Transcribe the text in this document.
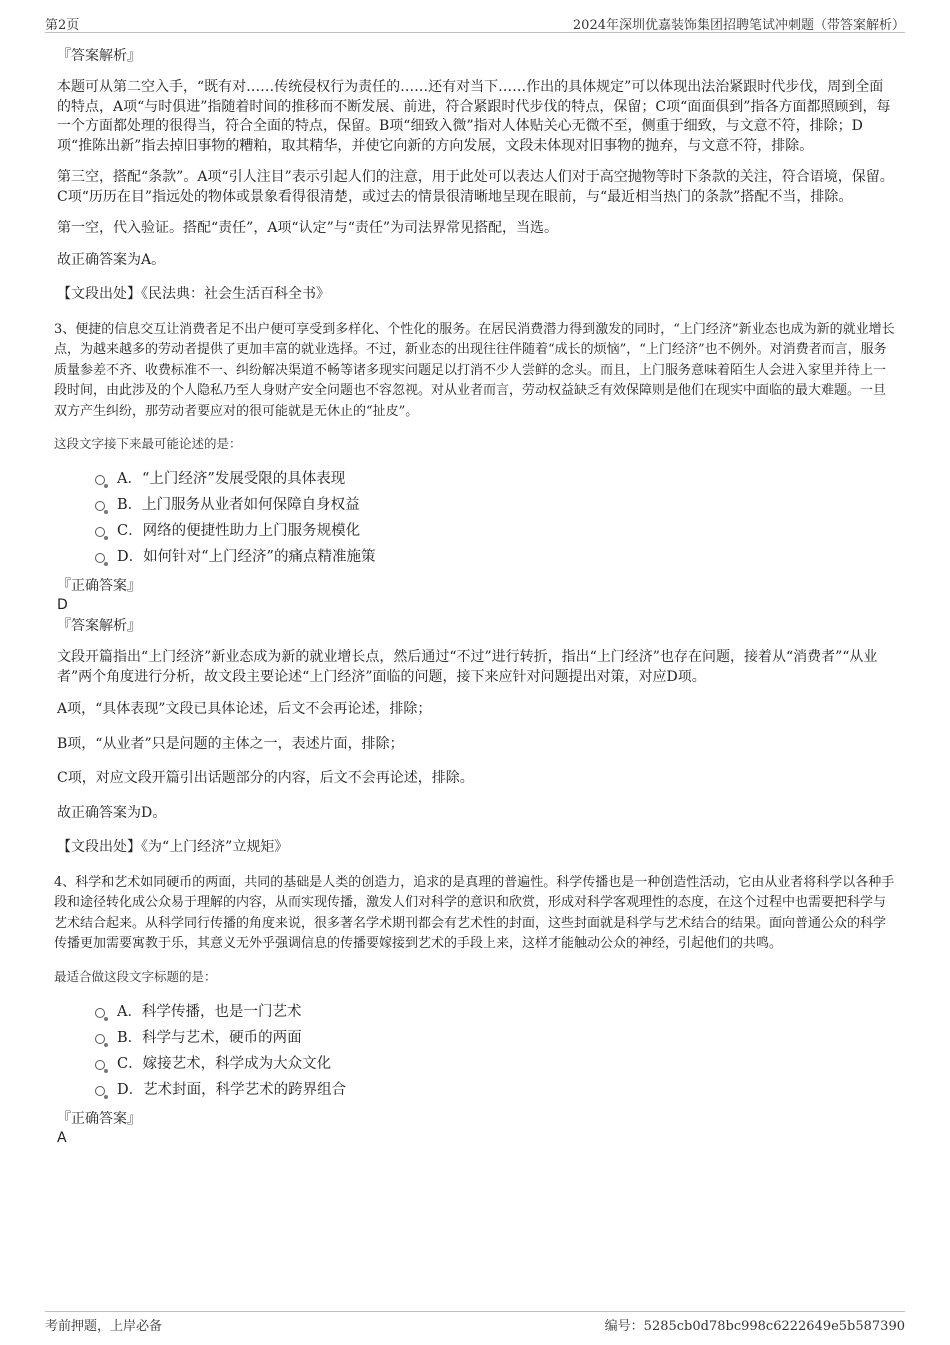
第2页	2024年深圳优嘉装饰集团招聘笔试冲刺题（带答案解析）

『答案解析』

本题可从第二空入手，“既有对……传统侵权行为责任的……还有对当下……作出的具体规定”可以体现出法治紧跟时代步伐，周到全面的特点，A项“与时俱进”指随着时间的推移而不断发展、前进，符合紧跟时代步伐的特点，保留；C项“面面俱到”指各方面都照顾到，每一个方面都处理的很得当，符合全面的特点，保留。B项“细致入微”指对人体贴关心无微不至，侧重于细致，与文意不符，排除；D项“推陈出新”指去掉旧事物的糟粕，取其精华，并使它向新的方向发展，文段未体现对旧事物的抛弃，与文意不符，排除。

第三空，搭配“条款”。A项“引人注目”表示引起人们的注意，用于此处可以表达人们对于高空抛物等时下条款的关注，符合语境，保留。C项“历历在目”指远处的物体或景象看得很清楚，或过去的情景很清晰地呈现在眼前，与“最近相当热门的条款”搭配不当，排除。

第一空，代入验证。搭配“责任”，A项“认定”与“责任”为司法界常见搭配，当选。

故正确答案为A。

【文段出处】《民法典：社会生活百科全书》

3、便捷的信息交互让消费者足不出户便可享受到多样化、个性化的服务。在居民消费潜力得到激发的同时，“上门经济”新业态也成为新的就业增长点，为越来越多的劳动者提供了更加丰富的就业选择。不过，新业态的出现往往伴随着“成长的烦恼”，“上门经济”也不例外。对消费者而言，服务质量参差不齐、收费标准不一、纠纷解决渠道不畅等诸多现实问题足以打消不少人尝鲜的念头。而且，上门服务意味着陌生人会进入家里并待上一段时间，由此涉及的个人隐私乃至人身财产安全问题也不容忽视。对从业者而言，劳动权益缺乏有效保障则是他们在现实中面临的最大难题。一旦双方产生纠纷，那劳动者要应对的很可能就是无休止的“扯皮”。

这段文字接下来最可能论述的是：

A．“上门经济”发展受限的具体表现
B．上门服务从业者如何保障自身权益
C．网络的便捷性助力上门服务规模化
D．如何针对“上门经济”的痛点精准施策

『正确答案』

D

『答案解析』

文段开篇指出“上门经济”新业态成为新的就业增长点，然后通过“不过”进行转折，指出“上门经济”也存在问题，接着从“消费者”“从业者”两个角度进行分析，故文段主要论述“上门经济”面临的问题，接下来应针对问题提出对策，对应D项。

A项，“具体表现”文段已具体论述，后文不会再论述，排除；

B项，“从业者”只是问题的主体之一，表述片面，排除；

C项，对应文段开篇引出话题部分的内容，后文不会再论述，排除。

故正确答案为D。

【文段出处】《为“上门经济”立规矩》

4、科学和艺术如同硬币的两面，共同的基础是人类的创造力，追求的是真理的普遍性。科学传播也是一种创造性活动，它由从业者将科学以各种手段和途径转化成公众易于理解的内容，从而实现传播，激发人们对科学的意识和欣赏，形成对科学客观理性的态度，在这个过程中也需要把科学与艺术结合起来。从科学同行传播的角度来说，很多著名学术期刊都会有艺术性的封面，这些封面就是科学与艺术结合的结果。面向普通公众的科学传播更加需要寓教于乐，其意义无外乎强调信息的传播要嫁接到艺术的手段上来，这样才能触动公众的神经，引起他们的共鸣。

最适合做这段文字标题的是：

A．科学传播，也是一门艺术
B．科学与艺术，硬币的两面
C．嫁接艺术，科学成为大众文化
D．艺术封面，科学艺术的跨界组合

『正确答案』

A

考前押题，上岸必备	编号：5285cb0d78bc998c6222649e5b587390
